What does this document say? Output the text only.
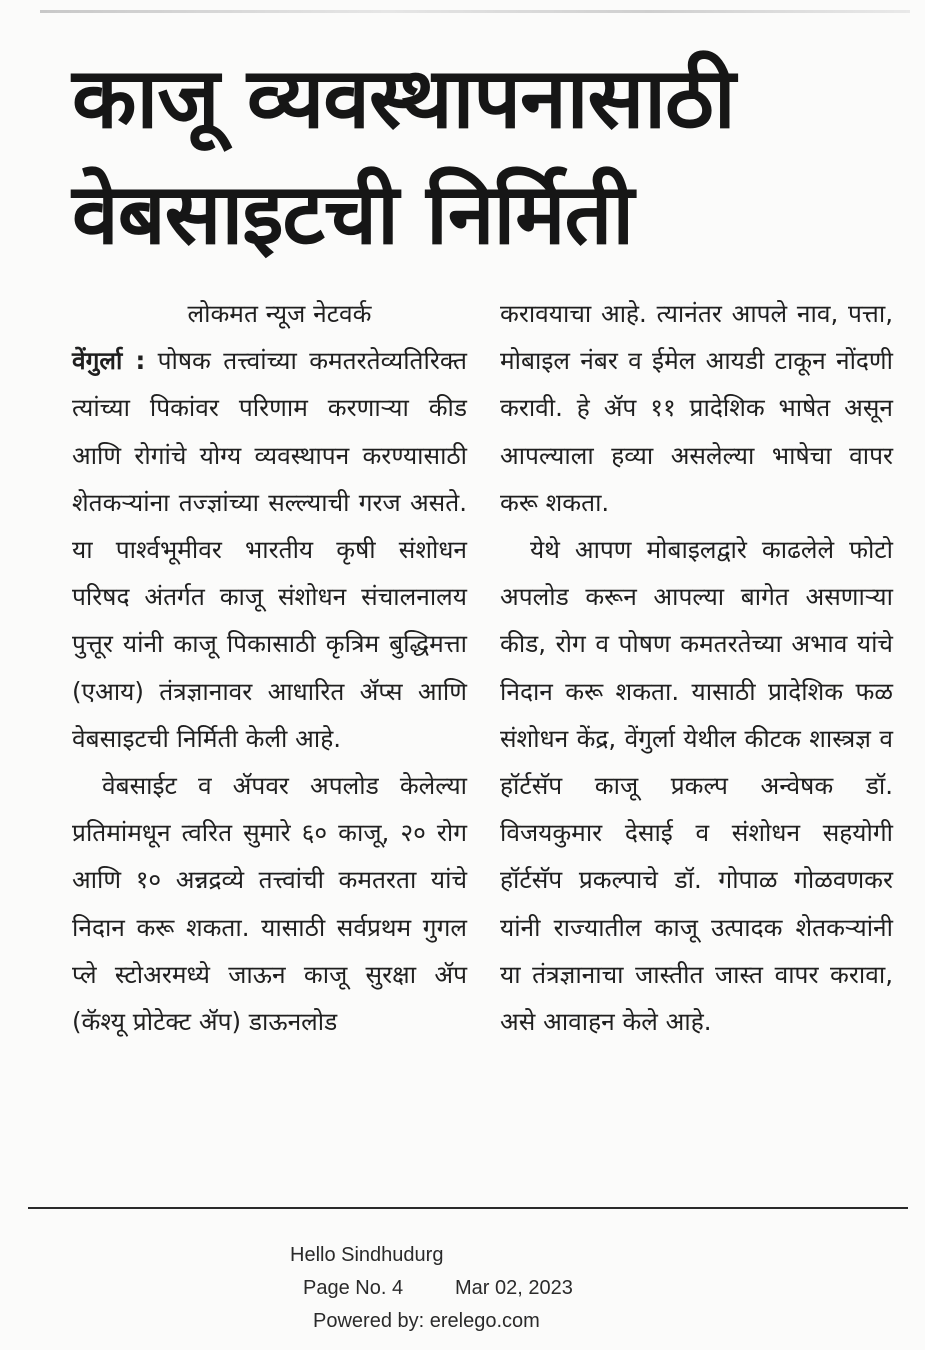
काजू व्यवस्थापनासाठी
वेबसाइटची निर्मिती

लोकमत न्यूज नेटवर्क

वेंगुर्ला : पोषक तत्त्वांच्या कमतरतेव्यतिरिक्त त्यांच्या पिकांवर परिणाम करणाऱ्या कीड आणि रोगांचे योग्य व्यवस्थापन करण्यासाठी शेतकऱ्यांना तज्ज्ञांच्या सल्ल्याची गरज असते. या पार्श्वभूमीवर भारतीय कृषी संशोधन परिषद अंतर्गत काजू संशोधन संचालनालय पुत्तूर यांनी काजू पिकासाठी कृत्रिम बुद्धिमत्ता (एआय) तंत्रज्ञानावर आधारित ॲप्स आणि वेबसाइटची निर्मिती केली आहे.

वेबसाईट व ॲपवर अपलोड केलेल्या प्रतिमांमधून त्वरित सुमारे ६० काजू, २० रोग आणि १० अन्नद्रव्ये तत्त्वांची कमतरता यांचे निदान करू शकता. यासाठी सर्वप्रथम गुगल प्ले स्टोअरमध्ये जाऊन काजू सुरक्षा ॲप (कॅश्यू प्रोटेक्ट ॲप) डाऊनलोड

करावयाचा आहे. त्यानंतर आपले नाव, पत्ता, मोबाइल नंबर व ईमेल आयडी टाकून नोंदणी करावी. हे ॲप ११ प्रादेशिक भाषेत असून आपल्याला हव्या असलेल्या भाषेचा वापर करू शकता.

येथे आपण मोबाइलद्वारे काढलेले फोटो अपलोड करून आपल्या बागेत असणाऱ्या कीड, रोग व पोषण कमतरतेच्या अभाव यांचे निदान करू शकता. यासाठी प्रादेशिक फळ संशोधन केंद्र, वेंगुर्ला येथील कीटक शास्त्रज्ञ व हॉर्टसॅप काजू प्रकल्प अन्वेषक डॉ. विजयकुमार देसाई व संशोधन सहयोगी हॉर्टसॅप प्रकल्पाचे डॉ. गोपाळ गोळवणकर यांनी राज्यातील काजू उत्पादक शेतकऱ्यांनी या तंत्रज्ञानाचा जास्तीत जास्त वापर करावा, असे आवाहन केले आहे.

Hello Sindhudurg
Page No. 4	Mar 02, 2023
Powered by: erelego.com
